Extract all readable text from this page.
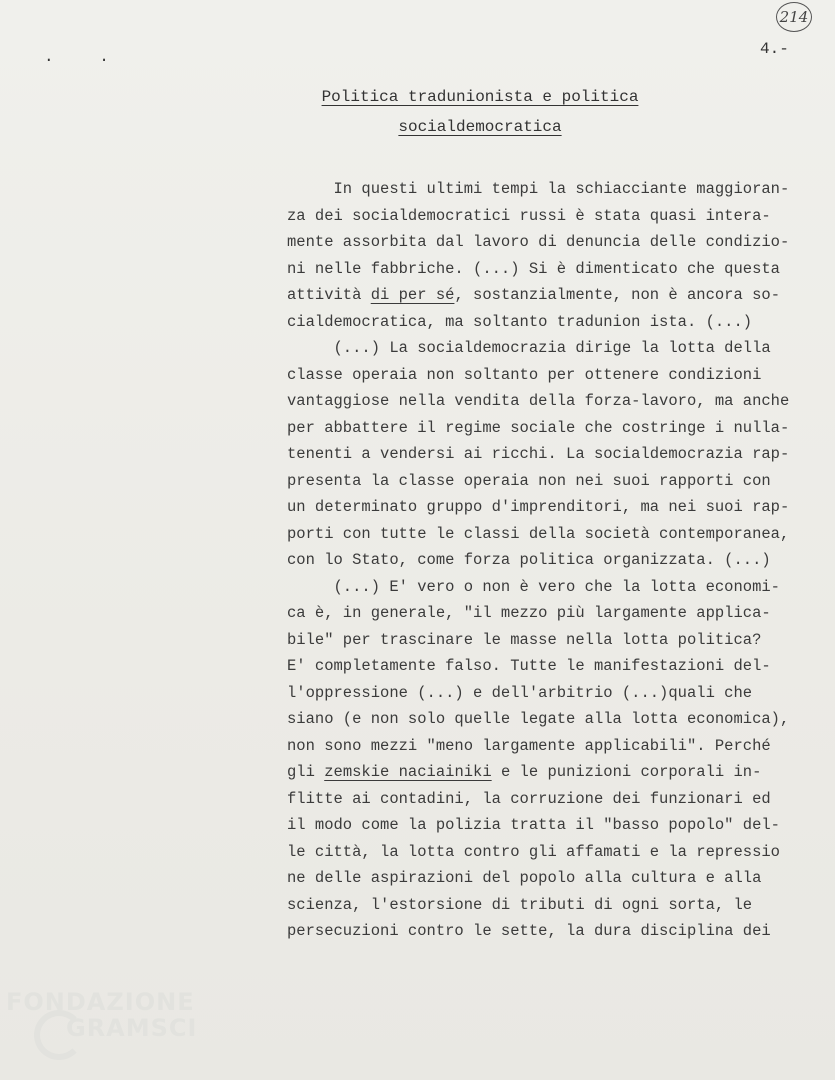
214
. .	4.-
Politica tradunionista e politica
socialdemocratica
In questi ultimi tempi la schiacciante maggioran-
za dei socialdemocratici russi è stata quasi intera-
mente assorbita dal lavoro di denuncia delle condizio-
ni nelle fabbriche. (...) Si è dimenticato che questa
attività di per sé, sostanzialmente, non è ancora so-
cialdemocratica, ma soltanto tradunion ista. (...)
(...) La socialdemocrazia dirige la lotta della
classe operaia non soltanto per ottenere condizioni
vantaggiose nella vendita della forza-lavoro, ma anche
per abbattere il regime sociale che costringe i nulla-
tenenti a vendersi ai ricchi. La socialdemocrazia rap-
presenta la classe operaia non nei suoi rapporti con
un determinato gruppo d'imprenditori, ma nei suoi rap-
porti con tutte le classi della società contemporanea,
con lo Stato, come forza politica organizzata. (...)
(...) E' vero o non è vero che la lotta economi-
ca è, in generale, "il mezzo più largamente applica-
bile" per trascinare le masse nella lotta politica?
E' completamente falso. Tutte le manifestazioni del-
l'oppressione (...) e dell'arbitrio (...)quali che
siano (e non solo quelle legate alla lotta economica),
non sono mezzi "meno largamente applicabili". Perché
gli zemskie naciainiki e le punizioni corporali in-
flitte ai contadini, la corruzione dei funzionari ed
il modo come la polizia tratta il "basso popolo" del-
le città, la lotta contro gli affamati e la repressio
ne delle aspirazioni del popolo alla cultura e alla
scienza, l'estorsione di tributi di ogni sorta, le
persecuzioni contro le sette, la dura disciplina dei
FONDAZIONE
GRAMSCI
